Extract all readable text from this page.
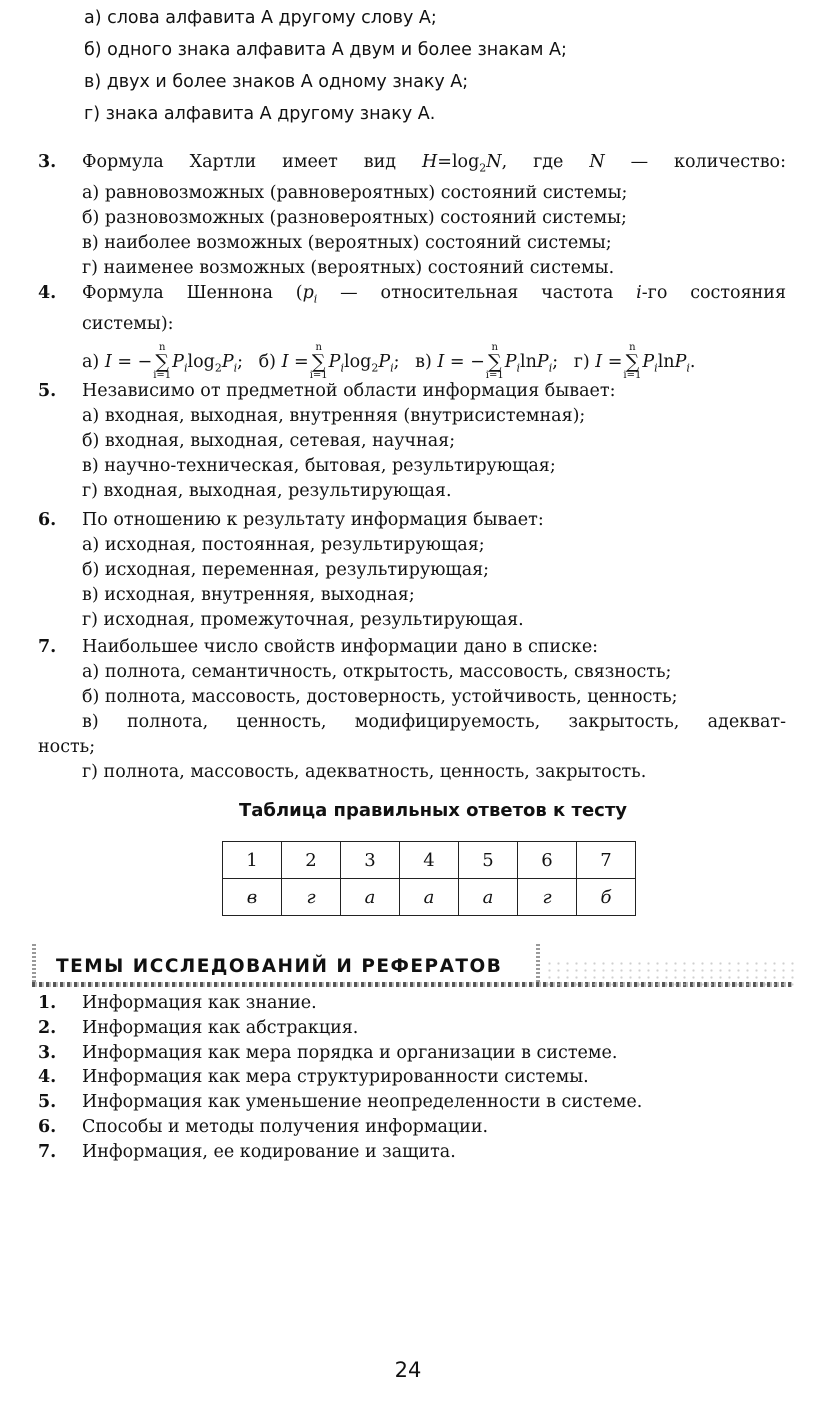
а) слова алфавита А другому слову А;
б) одного знака алфавита А двум и более знакам А;
в) двух и более знаков А одному знаку А;
г) знака алфавита А другому знаку А.
3.	Формула Хартли имеет вид $H=\log_2N$, где N — количество:
а) равновозможных (равновероятных) состояний системы;
б) разновозможных (разновероятных) состояний системы;
в) наиболее возможных (вероятных) состояний системы;
г) наименее возможных (вероятных) состояний системы.
4.	Формула Шеннона ($p_i$ — относительная частота i-го состояния
системы):
а) I = −
n
∑
i=1
$P_i\log_2P_i$; б) I =
n
∑
i=1
$P_i\log_2P_i$; в) I = −
n
∑
i=1
$P_i\ln P_i$; г) I =
n
∑
i=1
$P_i\ln P_i$.
5.	Независимо от предметной области информация бывает:
а) входная, выходная, внутренняя (внутрисистемная);
б) входная, выходная, сетевая, научная;
в) научно-техническая, бытовая, результирующая;
г) входная, выходная, результирующая.
6.	По отношению к результату информация бывает:
а) исходная, постоянная, результирующая;
б) исходная, переменная, результирующая;
в) исходная, внутренняя, выходная;
г) исходная, промежуточная, результирующая.
7.	Наибольшее число свойств информации дано в списке:
а) полнота, семантичность, открытость, массовость, связность;
б) полнота, массовость, достоверность, устойчивость, ценность;
в) полнота, ценность, модифицируемость, закрытость, адекват-
ность;
г) полнота, массовость, адекватность, ценность, закрытость.
Таблица правильных ответов к тесту
1	2	3	4	5	6	7
в	г	а	а	а	г	б
ТЕМЫ ИССЛЕДОВАНИЙ И РЕФЕРАТОВ
1.	Информация как знание.
2.	Информация как абстракция.
3.	Информация как мера порядка и организации в системе.
4.	Информация как мера структурированности системы.
5.	Информация как уменьшение неопределенности в системе.
6.	Способы и методы получения информации.
7.	Информация, ее кодирование и защита.
24
